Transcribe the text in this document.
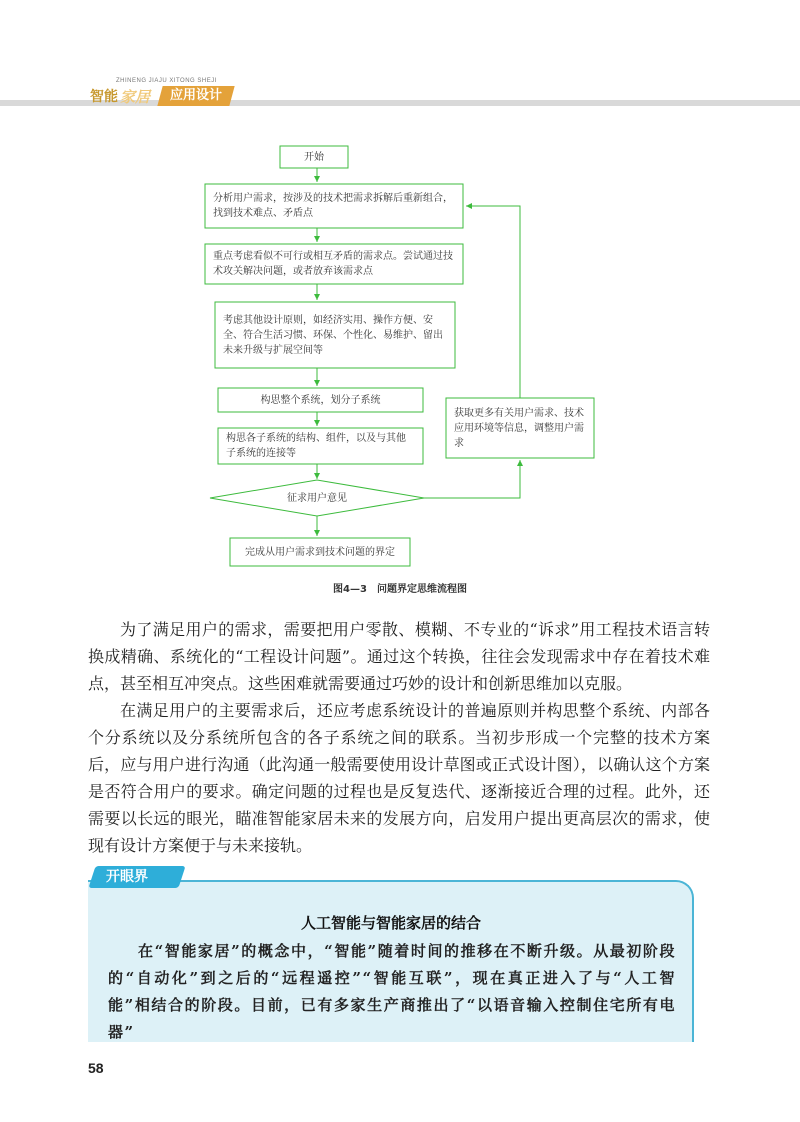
ZHINENG JIAJU XITONG SHEJI
智能 家居	应用设计
开始
分析用户需求，按涉及的技术把需求拆解后重新组合，找到技术难点、矛盾点
重点考虑看似不可行或相互矛盾的需求点。尝试通过技术攻关解决问题，或者放弃该需求点
考虑其他设计原则，如经济实用、操作方便、安全、符合生活习惯、环保、个性化、易维护、留出未来升级与扩展空间等
构思整个系统，划分子系统
构思各子系统的结构、组件，以及与其他子系统的连接等
征求用户意见
完成从用户需求到技术问题的界定
获取更多有关用户需求、技术应用环境等信息，调整用户需求
图4—3　问题界定思维流程图

为了满足用户的需求，需要把用户零散、模糊、不专业的“诉求”用工程技术语言转换成精确、系统化的“工程设计问题”。通过这个转换，往往会发现需求中存在着技术难点，甚至相互冲突点。这些困难就需要通过巧妙的设计和创新思维加以克服。

在满足用户的主要需求后，还应考虑系统设计的普遍原则并构思整个系统、内部各个分系统以及分系统所包含的各子系统之间的联系。当初步形成一个完整的技术方案后，应与用户进行沟通（此沟通一般需要使用设计草图或正式设计图），以确认这个方案是否符合用户的要求。确定问题的过程也是反复迭代、逐渐接近合理的过程。此外，还需要以长远的眼光，瞄准智能家居未来的发展方向，启发用户提出更高层次的需求，使现有设计方案便于与未来接轨。

开眼界
人工智能与智能家居的结合

在“智能家居”的概念中，“智能”随着时间的推移在不断升级。从最初阶段的“自动化”到之后的“远程遥控”“智能互联”，现在真正进入了与“人工智能”相结合的阶段。目前，已有多家生产商推出了“以语音输入控制住宅所有电器”

58
